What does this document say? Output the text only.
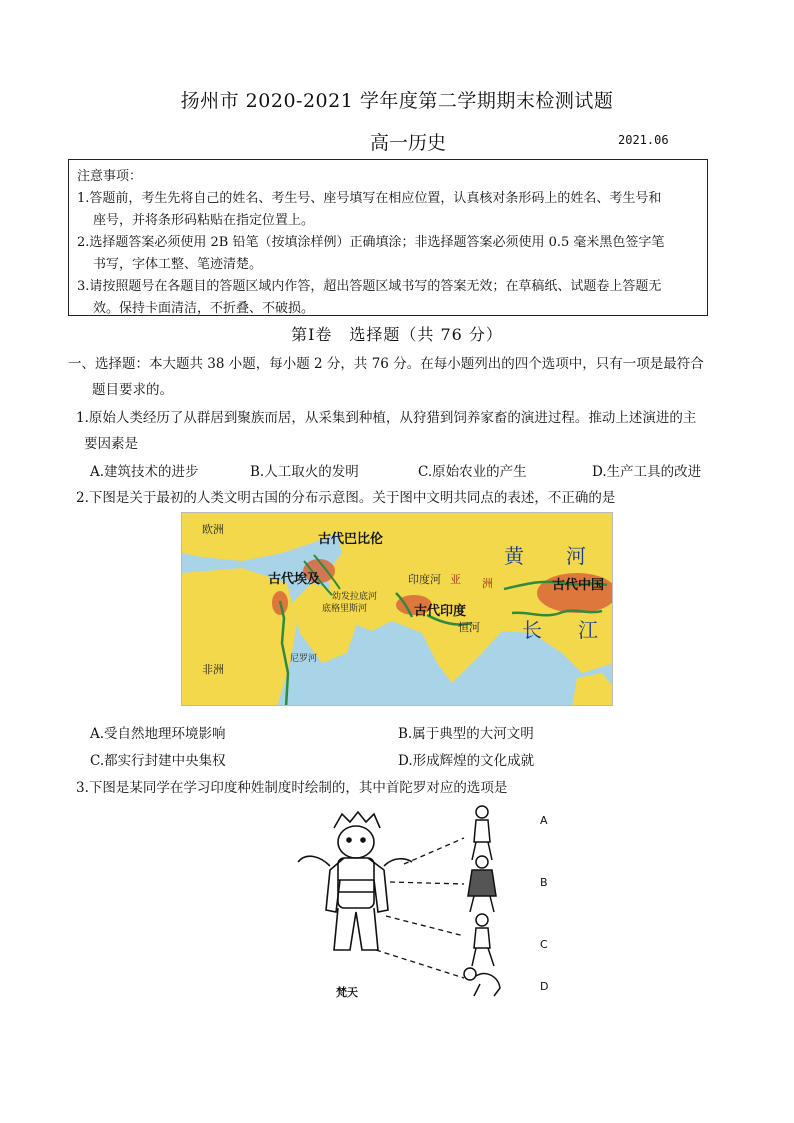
扬州市 2020-2021 学年度第二学期期末检测试题
高一历史	2021.06
注意事项：
1.答题前，考生先将自己的姓名、考生号、座号填写在相应位置，认真核对条形码上的姓名、考生号和
座号，并将条形码粘贴在指定位置上。
2.选择题答案必须使用 2B 铅笔（按填涂样例）正确填涂；非选择题答案必须使用 0.5 毫米黑色签字笔
书写，字体工整、笔迹清楚。
3.请按照题号在各题目的答题区域内作答，超出答题区域书写的答案无效；在草稿纸、试题卷上答题无
效。保持卡面清洁，不折叠、不破损。
第Ⅰ卷　选择题（共 76 分）
一、选择题：本大题共 38 小题，每小题 2 分，共 76 分。在每小题列出的四个选项中，只有一项是最符合
题目要求的。
1.原始人类经历了从群居到聚族而居，从采集到种植，从狩猎到饲养家畜的演进过程。推动上述演进的主
要因素是
A.建筑技术的进步	B.人工取火的发明	C.原始农业的产生	D.生产工具的改进
2.下图是关于最初的人类文明古国的分布示意图。关于图中文明共同点的表述，不正确的是
欧洲
非洲
亚 洲
幼发拉底河
底格里斯河
尼罗河
印度河
恒河
古代巴比伦
古代埃及
古代印度
古代中国
黄 河
长 江
A.受自然地理环境影响	B.属于典型的大河文明
C.都实行封建中央集权	D.形成辉煌的文化成就
3.下图是某同学在学习印度种姓制度时绘制的，其中首陀罗对应的选项是
A
B
C
D
梵天
